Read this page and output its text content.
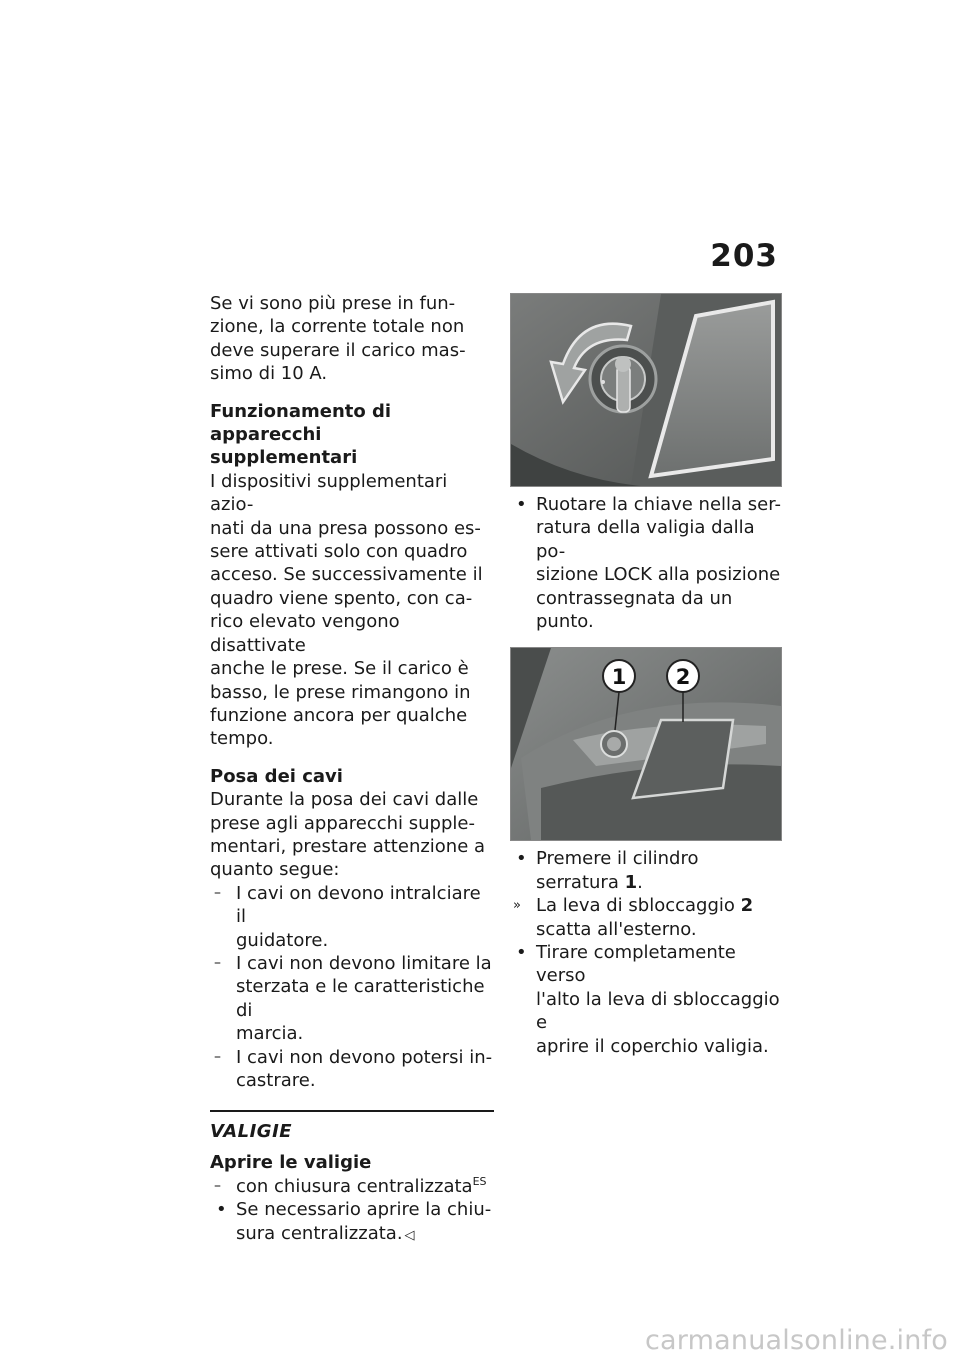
203

Se vi sono più prese in fun-

zione, la corrente totale non

deve superare il carico mas-

simo di 10 A.

Funzionamento di apparecchi

supplementari

I dispositivi supplementari azio-

nati da una presa possono es-

sere attivati solo con quadro

acceso. Se successivamente il

quadro viene spento, con ca-

rico elevato vengono disattivate

anche le prese. Se il carico è

basso, le prese rimangono in

funzione ancora per qualche

tempo.

Posa dei cavi

Durante la posa dei cavi dalle

prese agli apparecchi supple-

mentari, prestare attenzione a

quanto segue:

– I cavi on devono intralciare il
guidatore.
– I cavi non devono limitare la
sterzata e le caratteristiche di
marcia.
– I cavi non devono potersi in-
castrare.
VALIGIE

Aprire le valigie

– con chiusura centralizzata$^{ES}$
• Se necessario aprire la chiu-
sura centralizzata. ◁
• Ruotare la chiave nella ser-
ratura della valigia dalla po-
sizione LOCK alla posizione
contrassegnata da un punto.
1 2
• Premere il cilindro serratura 1.
» La leva di sbloccaggio 2
scatta all'esterno.
• Tirare completamente verso
l'alto la leva di sbloccaggio e
aprire il coperchio valigia.
carmanualsonline.info
